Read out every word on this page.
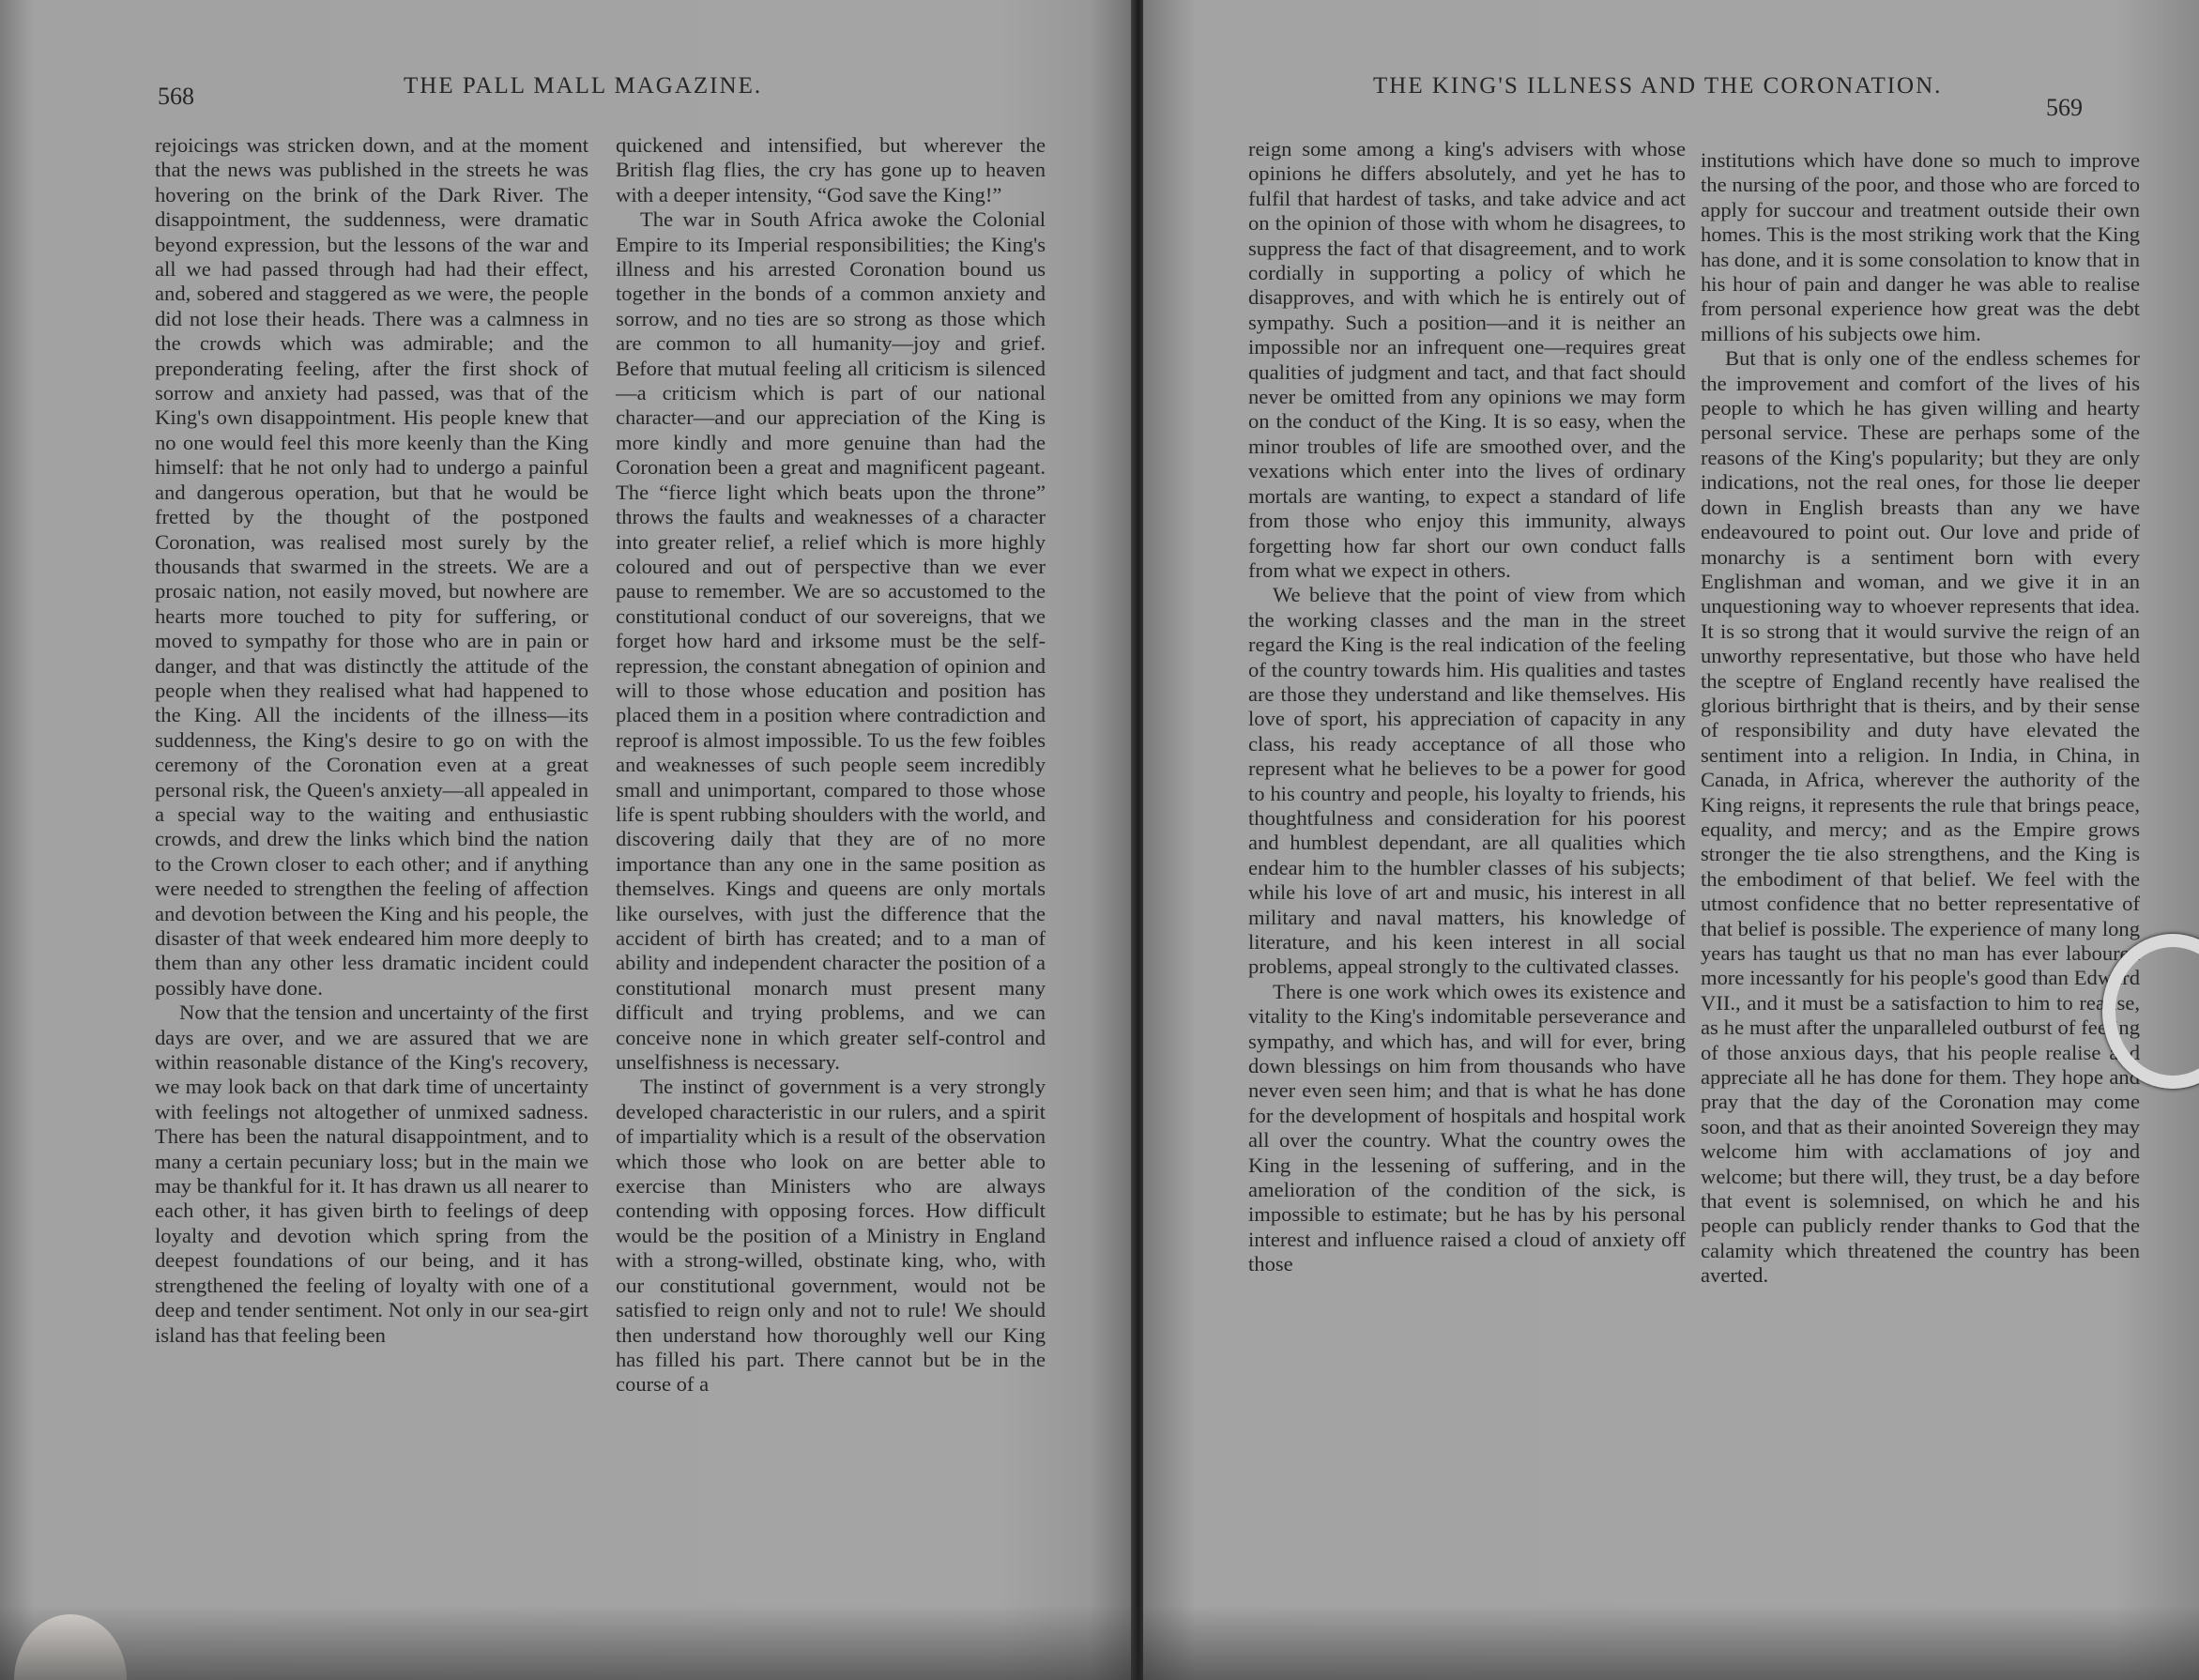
568	THE PALL MALL MAGAZINE.

rejoicings was stricken down, and at the moment that the news was published in the streets he was hovering on the brink of the Dark River. The disappointment, the suddenness, were dramatic beyond expression, but the lessons of the war and all we had passed through had had their effect, and, sobered and staggered as we were, the people did not lose their heads. There was a calmness in the crowds which was admirable; and the preponderating feeling, after the first shock of sorrow and anxiety had passed, was that of the King's own disappointment. His people knew that no one would feel this more keenly than the King himself: that he not only had to undergo a painful and dangerous operation, but that he would be fretted by the thought of the postponed Coronation, was realised most surely by the thousands that swarmed in the streets. We are a prosaic nation, not easily moved, but nowhere are hearts more touched to pity for suffering, or moved to sympathy for those who are in pain or danger, and that was distinctly the attitude of the people when they realised what had happened to the King. All the incidents of the illness—its suddenness, the King's desire to go on with the ceremony of the Coronation even at a great personal risk, the Queen's anxiety—all appealed in a special way to the waiting and enthusiastic crowds, and drew the links which bind the nation to the Crown closer to each other; and if anything were needed to strengthen the feeling of affection and devotion between the King and his people, the disaster of that week endeared him more deeply to them than any other less dramatic incident could possibly have done.

Now that the tension and uncertainty of the first days are over, and we are assured that we are within reasonable distance of the King's recovery, we may look back on that dark time of uncertainty with feelings not altogether of unmixed sadness. There has been the natural disappointment, and to many a certain pecuniary loss; but in the main we may be thankful for it. It has drawn us all nearer to each other, it has given birth to feelings of deep loyalty and devotion which spring from the deepest foundations of our being, and it has strengthened the feeling of loyalty with one of a deep and tender sentiment. Not only in our sea-girt island has that feeling been

quickened and intensified, but wherever the British flag flies, the cry has gone up to heaven with a deeper intensity, “God save the King!”

The war in South Africa awoke the Colonial Empire to its Imperial responsibilities; the King's illness and his arrested Coronation bound us together in the bonds of a common anxiety and sorrow, and no ties are so strong as those which are common to all humanity—joy and grief. Before that mutual feeling all criticism is silenced—a criticism which is part of our national character—and our appreciation of the King is more kindly and more genuine than had the Coronation been a great and magnificent pageant. The “fierce light which beats upon the throne” throws the faults and weaknesses of a character into greater relief, a relief which is more highly coloured and out of perspective than we ever pause to remember. We are so accustomed to the constitutional conduct of our sovereigns, that we forget how hard and irksome must be the self-repression, the constant abnegation of opinion and will to those whose education and position has placed them in a position where contradiction and reproof is almost impossible. To us the few foibles and weaknesses of such people seem incredibly small and unimportant, compared to those whose life is spent rubbing shoulders with the world, and discovering daily that they are of no more importance than any one in the same position as themselves. Kings and queens are only mortals like ourselves, with just the difference that the accident of birth has created; and to a man of ability and independent character the position of a constitutional monarch must present many difficult and trying problems, and we can conceive none in which greater self-control and unselfishness is necessary.

The instinct of government is a very strongly developed characteristic in our rulers, and a spirit of impartiality which is a result of the observation which those who look on are better able to exercise than Ministers who are always contending with opposing forces. How difficult would be the position of a Ministry in England with a strong-willed, obstinate king, who, with our constitutional government, would not be satisfied to reign only and not to rule! We should then understand how thoroughly well our King has filled his part. There cannot but be in the course of a

THE KING'S ILLNESS AND THE CORONATION.
569

reign some among a king's advisers with whose opinions he differs absolutely, and yet he has to fulfil that hardest of tasks, and take advice and act on the opinion of those with whom he disagrees, to suppress the fact of that disagreement, and to work cordially in supporting a policy of which he disapproves, and with which he is entirely out of sympathy. Such a position—and it is neither an impossible nor an infrequent one—requires great qualities of judgment and tact, and that fact should never be omitted from any opinions we may form on the conduct of the King. It is so easy, when the minor troubles of life are smoothed over, and the vexations which enter into the lives of ordinary mortals are wanting, to expect a standard of life from those who enjoy this immunity, always forgetting how far short our own conduct falls from what we expect in others.

We believe that the point of view from which the working classes and the man in the street regard the King is the real indication of the feeling of the country towards him. His qualities and tastes are those they understand and like themselves. His love of sport, his appreciation of capacity in any class, his ready acceptance of all those who represent what he believes to be a power for good to his country and people, his loyalty to friends, his thoughtfulness and consideration for his poorest and humblest dependant, are all qualities which endear him to the humbler classes of his subjects; while his love of art and music, his interest in all military and naval matters, his knowledge of literature, and his keen interest in all social problems, appeal strongly to the cultivated classes.

There is one work which owes its existence and vitality to the King's indomitable perseverance and sympathy, and which has, and will for ever, bring down blessings on him from thousands who have never even seen him; and that is what he has done for the development of hospitals and hospital work all over the country. What the country owes the King in the lessening of suffering, and in the amelioration of the condition of the sick, is impossible to estimate; but he has by his personal interest and influence raised a cloud of anxiety off those

institutions which have done so much to improve the nursing of the poor, and those who are forced to apply for succour and treatment outside their own homes. This is the most striking work that the King has done, and it is some consolation to know that in his hour of pain and danger he was able to realise from personal experience how great was the debt millions of his subjects owe him.

But that is only one of the endless schemes for the improvement and comfort of the lives of his people to which he has given willing and hearty personal service. These are perhaps some of the reasons of the King's popularity; but they are only indications, not the real ones, for those lie deeper down in English breasts than any we have endeavoured to point out. Our love and pride of monarchy is a sentiment born with every Englishman and woman, and we give it in an unquestioning way to whoever represents that idea. It is so strong that it would survive the reign of an unworthy representative, but those who have held the sceptre of England recently have realised the glorious birthright that is theirs, and by their sense of responsibility and duty have elevated the sentiment into a religion. In India, in China, in Canada, in Africa, wherever the authority of the King reigns, it represents the rule that brings peace, equality, and mercy; and as the Empire grows stronger the tie also strengthens, and the King is the embodiment of that belief. We feel with the utmost confidence that no better representative of that belief is possible. The experience of many long years has taught us that no man has ever laboured more incessantly for his people's good than Edward VII., and it must be a satisfaction to him to realise, as he must after the unparalleled outburst of feeling of those anxious days, that his people realise and appreciate all he has done for them. They hope and pray that the day of the Coronation may come soon, and that as their anointed Sovereign they may welcome him with acclamations of joy and welcome; but there will, they trust, be a day before that event is solemnised, on which he and his people can publicly render thanks to God that the calamity which threatened the country has been averted.
